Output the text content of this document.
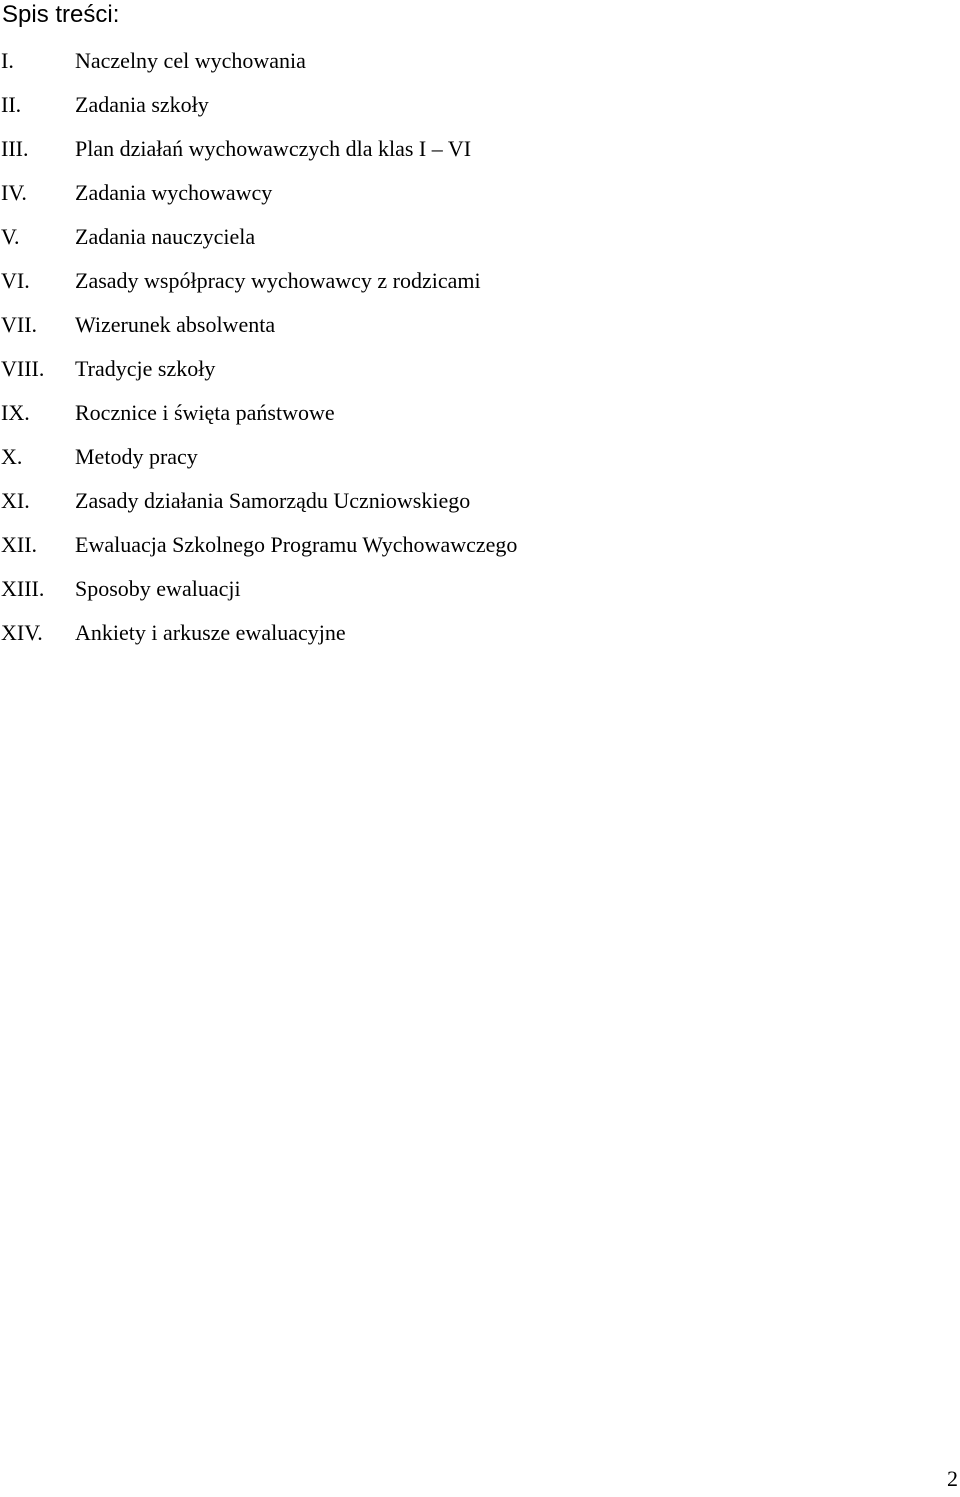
Spis treści:
I.	Naczelny cel wychowania
II. Zadania szkoły
III. Plan działań wychowawczych dla klas I – VI
IV. Zadania wychowawcy
V.	Zadania nauczyciela
VI. Zasady współpracy wychowawcy z rodzicami
VII. Wizerunek absolwenta
VIII. Tradycje szkoły
IX. Rocznice i święta państwowe
X. Metody pracy
XI. Zasady działania Samorządu Uczniowskiego
XII. Ewaluacja Szkolnego Programu Wychowawczego
XIII. Sposoby ewaluacji
XIV. Ankiety i arkusze ewaluacyjne
2
